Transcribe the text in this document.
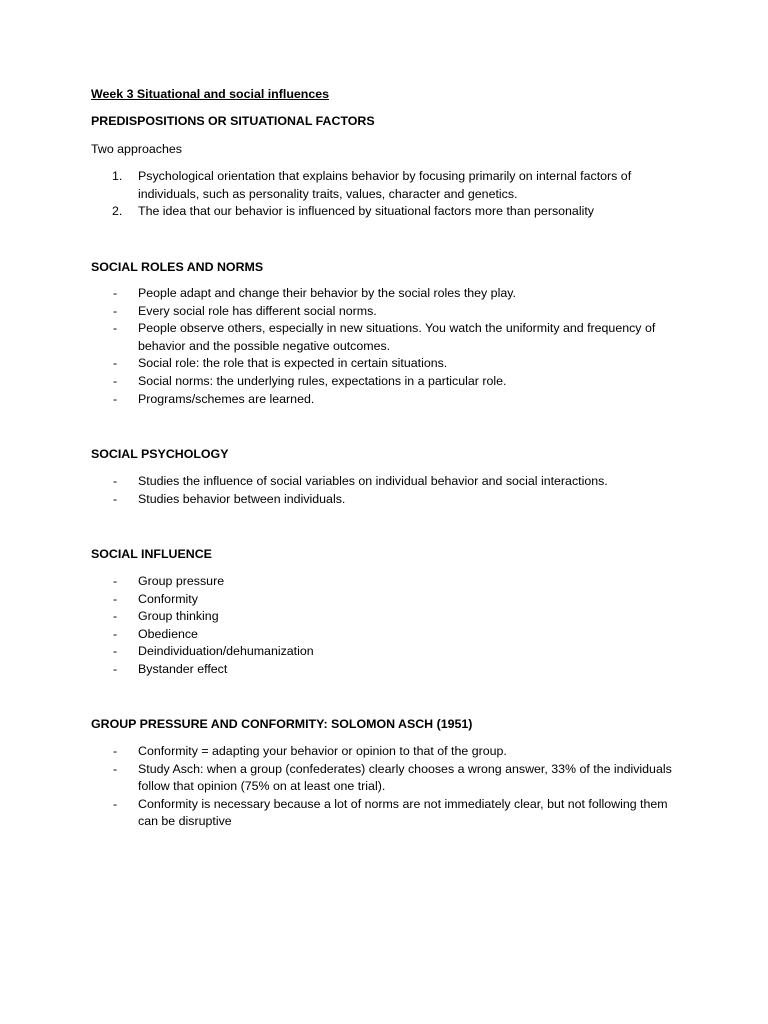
Week 3 Situational and social influences
PREDISPOSITIONS OR SITUATIONAL FACTORS
Two approaches
1. Psychological orientation that explains behavior by focusing primarily on internal factors of individuals, such as personality traits, values, character and genetics.
2. The idea that our behavior is influenced by situational factors more than personality
SOCIAL ROLES AND NORMS
- People adapt and change their behavior by the social roles they play.
- Every social role has different social norms.
- People observe others, especially in new situations. You watch the uniformity and frequency of behavior and the possible negative outcomes.
- Social role: the role that is expected in certain situations.
- Social norms: the underlying rules, expectations in a particular role.
- Programs/schemes are learned.
SOCIAL PSYCHOLOGY
- Studies the influence of social variables on individual behavior and social interactions.
- Studies behavior between individuals.
SOCIAL INFLUENCE
- Group pressure
- Conformity
- Group thinking
- Obedience
- Deindividuation/dehumanization
- Bystander effect
GROUP PRESSURE AND CONFORMITY: SOLOMON ASCH (1951)
- Conformity = adapting your behavior or opinion to that of the group.
- Study Asch: when a group (confederates) clearly chooses a wrong answer, 33% of the individuals follow that opinion (75% on at least one trial).
- Conformity is necessary because a lot of norms are not immediately clear, but not following them can be disruptive
